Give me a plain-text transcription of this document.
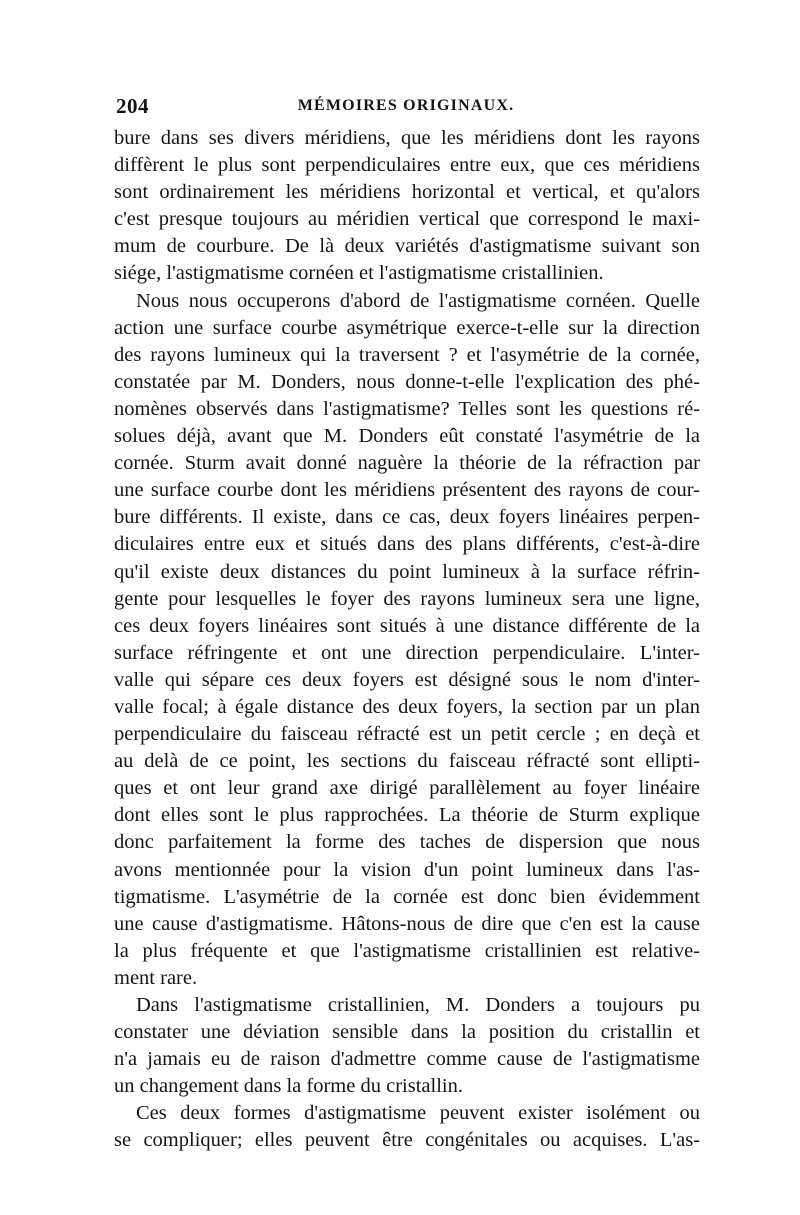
204	MÉMOIRES ORIGINAUX.
bure dans ses divers méridiens, que les méridiens dont les rayons
diffèrent le plus sont perpendiculaires entre eux, que ces méridiens
sont ordinairement les méridiens horizontal et vertical, et qu'alors
c'est presque toujours au méridien vertical que correspond le maxi-
mum de courbure. De là deux variétés d'astigmatisme suivant son
siége, l'astigmatisme cornéen et l'astigmatisme cristallinien.
Nous nous occuperons d'abord de l'astigmatisme cornéen. Quelle
action une surface courbe asymétrique exerce-t-elle sur la direction
des rayons lumineux qui la traversent ? et l'asymétrie de la cornée,
constatée par M. Donders, nous donne-t-elle l'explication des phé-
nomènes observés dans l'astigmatisme? Telles sont les questions ré-
solues déjà, avant que M. Donders eût constaté l'asymétrie de la
cornée. Sturm avait donné naguère la théorie de la réfraction par
une surface courbe dont les méridiens présentent des rayons de cour-
bure différents. Il existe, dans ce cas, deux foyers linéaires perpen-
diculaires entre eux et situés dans des plans différents, c'est-à-dire
qu'il existe deux distances du point lumineux à la surface réfrin-
gente pour lesquelles le foyer des rayons lumineux sera une ligne,
ces deux foyers linéaires sont situés à une distance différente de la
surface réfringente et ont une direction perpendiculaire. L'inter-
valle qui sépare ces deux foyers est désigné sous le nom d'inter-
valle focal; à égale distance des deux foyers, la section par un plan
perpendiculaire du faisceau réfracté est un petit cercle ; en deçà et
au delà de ce point, les sections du faisceau réfracté sont ellipti-
ques et ont leur grand axe dirigé parallèlement au foyer linéaire
dont elles sont le plus rapprochées. La théorie de Sturm explique
donc parfaitement la forme des taches de dispersion que nous
avons mentionnée pour la vision d'un point lumineux dans l'as-
tigmatisme. L'asymétrie de la cornée est donc bien évidemment
une cause d'astigmatisme. Hâtons-nous de dire que c'en est la cause
la plus fréquente et que l'astigmatisme cristallinien est relative-
ment rare.
Dans l'astigmatisme cristallinien, M. Donders a toujours pu
constater une déviation sensible dans la position du cristallin et
n'a jamais eu de raison d'admettre comme cause de l'astigmatisme
un changement dans la forme du cristallin.
Ces deux formes d'astigmatisme peuvent exister isolément ou
se compliquer; elles peuvent être congénitales ou acquises. L'as-
